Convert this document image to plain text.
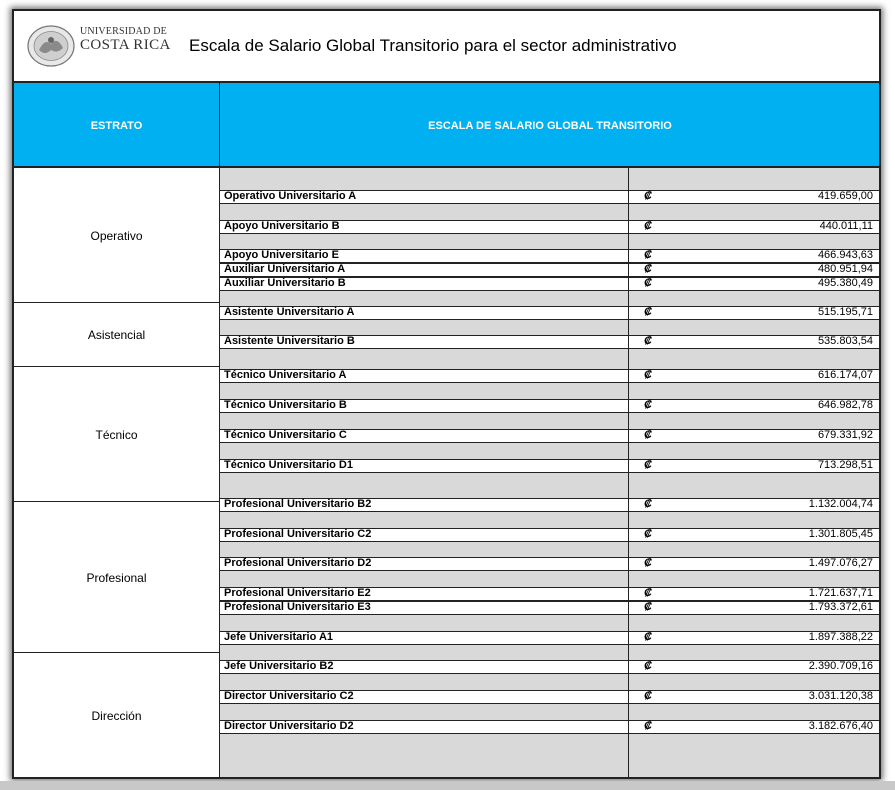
UNIVERSIDAD DE
COSTA RICA Escala de Salario Global Transitorio para el sector administrativo
ESTRATO	ESCALA DE SALARIO GLOBAL TRANSITORIO
Operativo
Operativo Universitario A	₡	419.659,00
Apoyo Universitario B	₡	440.011,11
Apoyo Universitario E	₡	466.943,63
Auxiliar Universitario A	₡	480.951,94
Auxiliar Universitario B	₡	495.380,49
Asistencial
Asistente Universitario A	₡	515.195,71
Asistente Universitario B	₡	535.803,54
Técnico
Técnico Universitario A	₡	616.174,07
Técnico Universitario B	₡	646.982,78
Técnico Universitario C	₡	679.331,92
Técnico Universitario D1	₡	713.298,51
Profesional
Profesional Universitario B2	₡	1.132.004,74
Profesional Universitario C2	₡	1.301.805,45
Profesional Universitario D2	₡	1.497.076,27
Profesional Universitario E2	₡	1.721.637,71
Profesional Universitario E3	₡	1.793.372,61
Dirección
Jefe Universitario A1	₡	1.897.388,22
Jefe Universitario B2	₡	2.390.709,16
Director Universitario C2	₡	3.031.120,38
Director Universitario D2	₡	3.182.676,40
